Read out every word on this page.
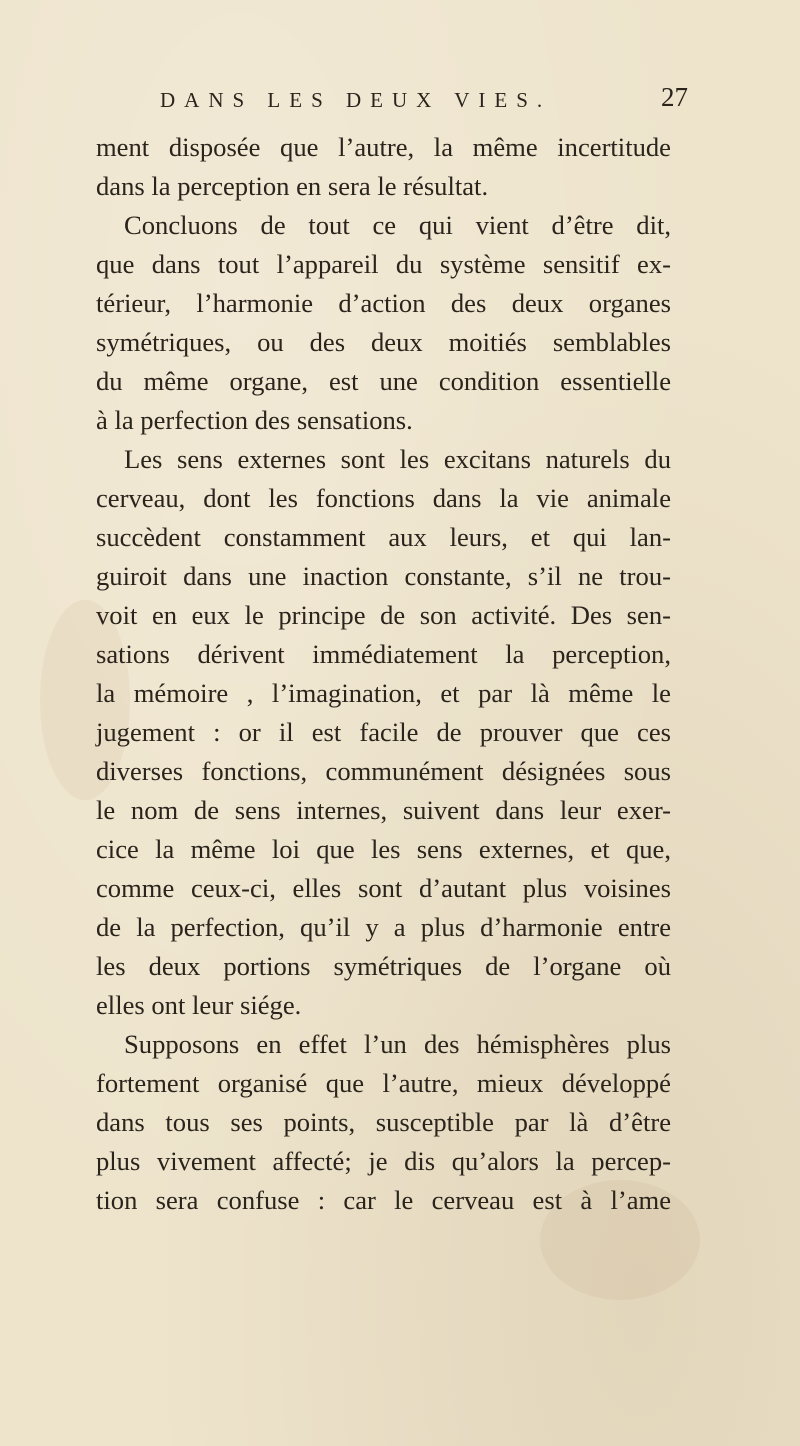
DANS LES DEUX VIES.	27
ment disposée que l’autre, la même incertitude
dans la perception en sera le résultat.
Concluons de tout ce qui vient d’être dit,
que dans tout l’appareil du système sensitif ex-
térieur, l’harmonie d’action des deux organes
symétriques, ou des deux moitiés semblables
du même organe, est une condition essentielle
à la perfection des sensations.
Les sens externes sont les excitans naturels du
cerveau, dont les fonctions dans la vie animale
succèdent constamment aux leurs, et qui lan-
guiroit dans une inaction constante, s’il ne trou-
voit en eux le principe de son activité. Des sen-
sations dérivent immédiatement la perception,
la mémoire , l’imagination, et par là même le
jugement : or il est facile de prouver que ces
diverses fonctions, communément désignées sous
le nom de sens internes, suivent dans leur exer-
cice la même loi que les sens externes, et que,
comme ceux-ci, elles sont d’autant plus voisines
de la perfection, qu’il y a plus d’harmonie entre
les deux portions symétriques de l’organe où
elles ont leur siége.
Supposons en effet l’un des hémisphères plus
fortement organisé que l’autre, mieux développé
dans tous ses points, susceptible par là d’être
plus vivement affecté; je dis qu’alors la percep-
tion sera confuse : car le cerveau est à l’ame
